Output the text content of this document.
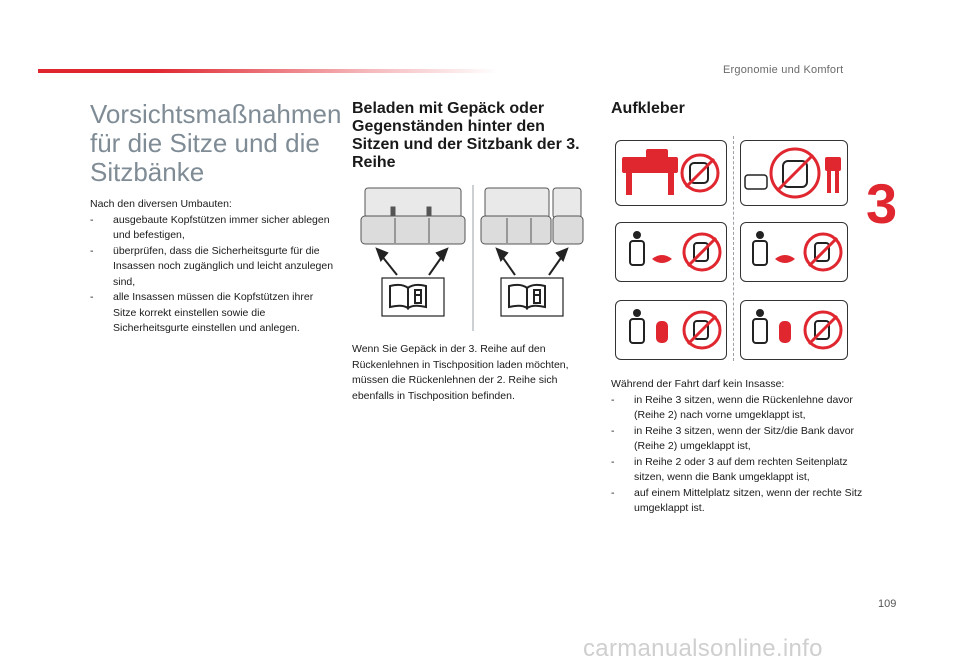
Ergonomie und Komfort
3
Vorsichtsmaßnahmen für die Sitze und die Sitzbänke
Nach den diversen Umbauten:
-	ausgebaute Kopfstützen immer sicher ablegen und befestigen,
-	überprüfen, dass die Sicherheitsgurte für die Insassen noch zugänglich und leicht anzulegen sind,
-	alle Insassen müssen die Kopfstützen ihrer Sitze korrekt einstellen sowie die Sicherheitsgurte einstellen und anlegen.
Beladen mit Gepäck oder Gegenständen hinter den Sitzen und der Sitzbank der 3. Reihe
Wenn Sie Gepäck in der 3. Reihe auf den Rückenlehnen in Tischposition laden möchten, müssen die Rückenlehnen der 2. Reihe sich ebenfalls in Tischposition befinden.
Aufkleber
Während der Fahrt darf kein Insasse:
-	in Reihe 3 sitzen, wenn die Rückenlehne davor (Reihe 2) nach vorne umgeklappt ist,
-	in Reihe 3 sitzen, wenn der Sitz/die Bank davor (Reihe 2) umgeklappt ist,
-	in Reihe 2 oder 3 auf dem rechten Seitenplatz sitzen, wenn die Bank umgeklappt ist,
-	auf einem Mittelplatz sitzen, wenn der rechte Sitz umgeklappt ist.
109
carmanualsonline.info
